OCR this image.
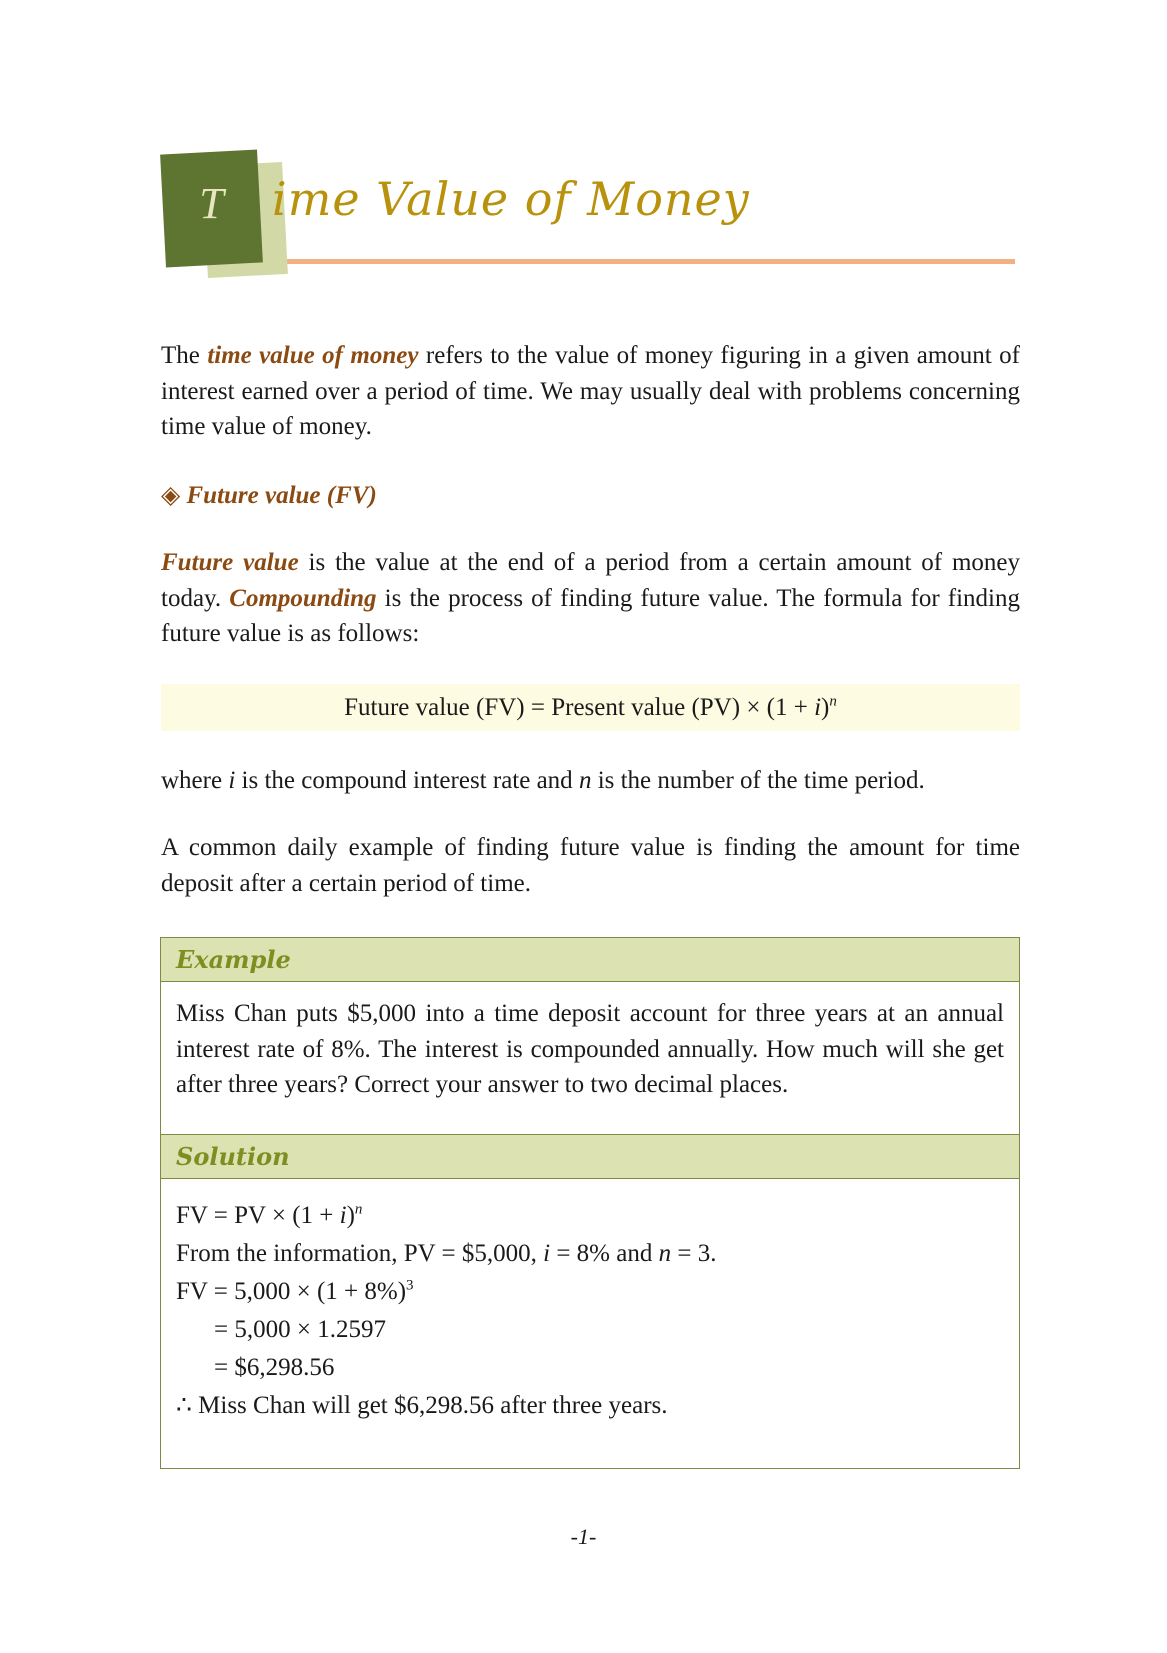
T	ime Value of Money
The time value of money refers to the value of money figuring in a given amount of interest earned over a period of time. We may usually deal with problems concerning time value of money.
◈ Future value (FV)
Future value is the value at the end of a period from a certain amount of money today. Compounding is the process of finding future value. The formula for finding future value is as follows:
Future value (FV) = Present value $(PV) \times (1 + i)^n$
where i is the compound interest rate and n is the number of the time period.
A common daily example of finding future value is finding the amount for time deposit after a certain period of time.
Example
Miss Chan puts $5,000 into a time deposit account for three years at an annual interest rate of 8%. The interest is compounded annually. How much will she get after three years? Correct your answer to two decimal places.
Solution
FV = PV × $(1 + i)^n$
From the information, PV = $5,000, i = 8% and n = 3.
FV = $5,000 \times (1 + 8\%)^3$
= 5,000 × 1.2597
= $6,298.56
∴ Miss Chan will get $6,298.56 after three years.
-1-
